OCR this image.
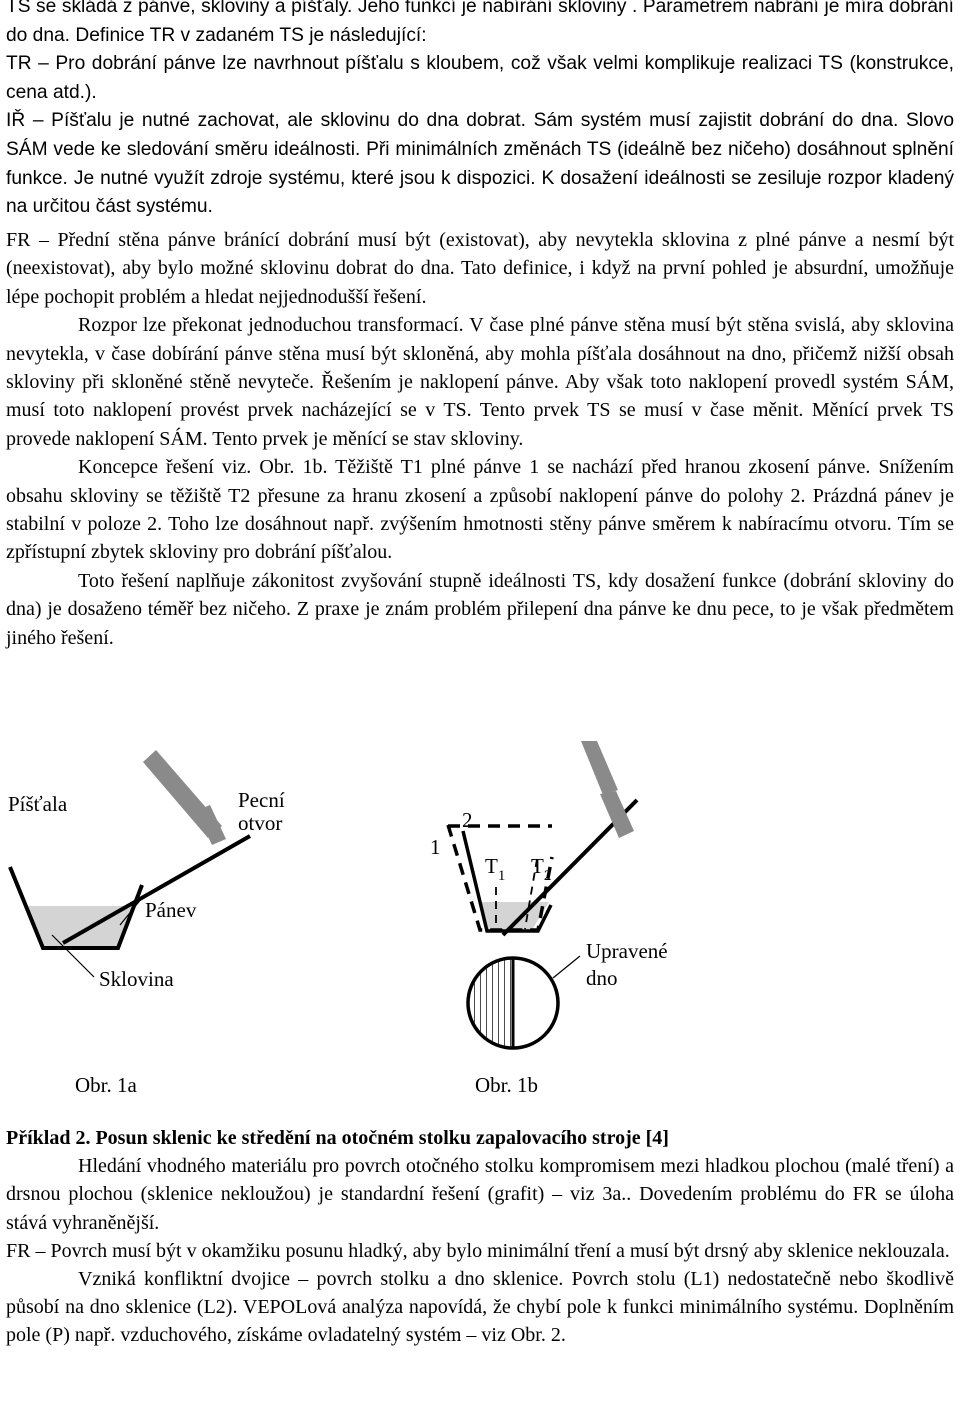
TS se skládá z pánve, skloviny a píšťaly. Jeho funkcí je nabírání skloviny . Parametrem nabrání je míra dobrání do dna. Definice TR v zadaném TS je následující:

TR – Pro dobrání pánve lze navrhnout píšťalu s kloubem, což však velmi komplikuje realizaci TS (konstrukce, cena atd.).

IŘ – Píšťalu je nutné zachovat, ale sklovinu do dna dobrat. Sám systém musí zajistit dobrání do dna. Slovo SÁM vede ke sledování směru ideálnosti. Při minimálních změnách TS (ideálně bez ničeho) dosáhnout splnění funkce. Je nutné využít zdroje systému, které jsou k dispozici. K dosažení ideálnosti se zesiluje rozpor kladený na určitou část systému.

FR – Přední stěna pánve bránící dobrání musí být (existovat), aby nevytekla sklovina z plné pánve a nesmí být (neexistovat), aby bylo možné sklovinu dobrat do dna. Tato definice, i když na první pohled je absurdní, umožňuje lépe pochopit problém a hledat nejjednodušší řešení.

Rozpor lze překonat jednoduchou transformací. V čase plné pánve stěna musí být stěna svislá, aby sklovina nevytekla, v čase dobírání pánve stěna musí být skloněná, aby mohla píšťala dosáhnout na dno, přičemž nižší obsah skloviny při skloněné stěně nevyteče. Řešením je naklopení pánve. Aby však toto naklopení provedl systém SÁM, musí toto naklopení provést prvek nacházející se v TS. Tento prvek TS se musí v čase měnit. Měnící prvek TS provede naklopení SÁM. Tento prvek je měnící se stav skloviny.

Koncepce řešení viz. Obr. 1b. Těžiště T1 plné pánve 1 se nachází před hranou zkosení pánve. Snížením obsahu skloviny se těžiště T2 přesune za hranu zkosení a způsobí naklopení pánve do polohy 2. Prázdná pánev je stabilní v poloze 2. Toho lze dosáhnout např. zvýšením hmotnosti stěny pánve směrem k nabíracímu otvoru. Tím se zpřístupní zbytek skloviny pro dobrání píšťalou.

Toto řešení naplňuje zákonitost zvyšování stupně ideálnosti TS, kdy dosažení funkce (dobrání skloviny do dna) je dosaženo téměř bez ničeho. Z praxe je znám problém přilepení dna pánve ke dnu pece, to je však předmětem jiného řešení.

Píšťala	Pecní
otvor
Pánev
Sklovina
Obr. 1a
1
2
$T_1$ $T_2$
Upravené
dno
Obr. 1b

Příklad 2. Posun sklenic ke středění na otočném stolku zapalovacího stroje [4]

Hledání vhodného materiálu pro povrch otočného stolku kompromisem mezi hladkou plochou (malé tření) a drsnou plochou (sklenice nekloužou) je standardní řešení (grafit) – viz 3a.. Dovedením problému do FR se úloha stává vyhraněnější.

FR – Povrch musí být v okamžiku posunu hladký, aby bylo minimální tření a musí být drsný aby sklenice neklouzala.

Vzniká konfliktní dvojice – povrch stolku a dno sklenice. Povrch stolu (L1) nedostatečně nebo škodlivě působí na dno sklenice (L2). VEPOLová analýza napovídá, že chybí pole k funkci minimálního systému. Doplněním pole (P) např. vzduchového, získáme ovladatelný systém – viz Obr. 2.
